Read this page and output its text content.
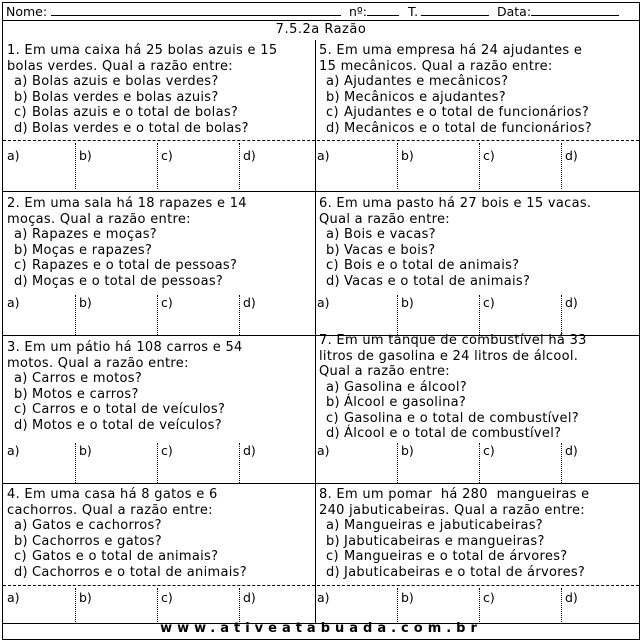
Nome:	nº:	T.	Data:
7.5.2a Razão

1. Em uma caixa há 25 bolas azuis e 15
bolas verdes. Qual a razão entre:

a) Bolas azuis e bolas verdes?
b) Bolas verdes e bolas azuis?
c) Bolas azuis e o total de bolas?
d) Bolas verdes e o total de bolas?

5. Em uma empresa há 24 ajudantes e
15 mecânicos. Qual a razão entre:

a) Ajudantes e mecânicos?
b) Mecânicos e ajudantes?
c) Ajudantes e o total de funcionários?
d) Mecânicos e o total de funcionários?
a)	b)	c)	d)	a)	b)	c)	d)

2. Em uma sala há 18 rapazes e 14
moças. Qual a razão entre:

a) Rapazes e moças?
b) Moças e rapazes?
c) Rapazes e o total de pessoas?
d) Moças e o total de pessoas?

6. Em uma pasto há 27 bois e 15 vacas.
Qual a razão entre:

a) Bois e vacas?
b) Vacas e bois?
c) Bois e o total de animais?
d) Vacas e o total de animais?
a)	b)	c)	d)	a)	b)	c)	d)

3. Em um pátio há 108 carros e 54
motos. Qual a razão entre:

a) Carros e motos?
b) Motos e carros?
c) Carros e o total de veículos?
d) Motos e o total de veículos?

7. Em um tanque de combustível há 33
litros de gasolina e 24 litros de álcool.
Qual a razão entre:

a) Gasolina e álcool?
b) Álcool e gasolina?
c) Gasolina e o total de combustível?
d) Álcool e o total de combustível?
a)	b)	c)	d)	a)	b)	c)	d)

4. Em uma casa há 8 gatos e 6
cachorros. Qual a razão entre:

a) Gatos e cachorros?
b) Cachorros e gatos?
c) Gatos e o total de animais?
d) Cachorros e o total de animais?

8. Em um pomar  há 280  mangueiras e
240 jabuticabeiras. Qual a razão entre:

a) Mangueiras e jabuticabeiras?
b) Jabuticabeiras e mangueiras?
c) Mangueiras e o total de árvores?
d) Jabuticabeiras e o total de árvores?
a)	b)	c)	d)	a)	b)	c)	d)
www.ativeatabuada.com.br
